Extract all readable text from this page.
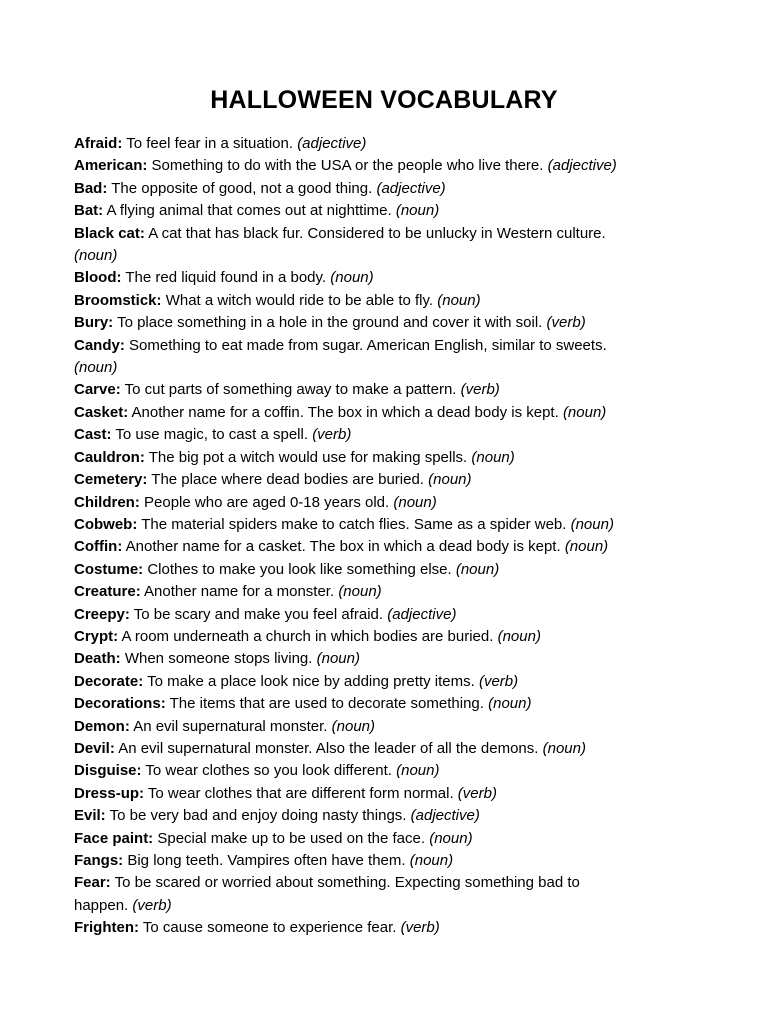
HALLOWEEN VOCABULARY
Afraid: To feel fear in a situation. (adjective)
American: Something to do with the USA or the people who live there. (adjective)
Bad: The opposite of good, not a good thing. (adjective)
Bat: A flying animal that comes out at nighttime. (noun)
Black cat: A cat that has black fur. Considered to be unlucky in Western culture. (noun)
Blood: The red liquid found in a body. (noun)
Broomstick: What a witch would ride to be able to fly. (noun)
Bury: To place something in a hole in the ground and cover it with soil. (verb)
Candy: Something to eat made from sugar. American English, similar to sweets. (noun)
Carve: To cut parts of something away to make a pattern. (verb)
Casket: Another name for a coffin. The box in which a dead body is kept. (noun)
Cast: To use magic, to cast a spell. (verb)
Cauldron: The big pot a witch would use for making spells. (noun)
Cemetery: The place where dead bodies are buried. (noun)
Children: People who are aged 0-18 years old. (noun)
Cobweb: The material spiders make to catch flies. Same as a spider web. (noun)
Coffin: Another name for a casket. The box in which a dead body is kept. (noun)
Costume: Clothes to make you look like something else. (noun)
Creature: Another name for a monster. (noun)
Creepy: To be scary and make you feel afraid. (adjective)
Crypt: A room underneath a church in which bodies are buried. (noun)
Death: When someone stops living. (noun)
Decorate: To make a place look nice by adding pretty items. (verb)
Decorations: The items that are used to decorate something. (noun)
Demon: An evil supernatural monster. (noun)
Devil: An evil supernatural monster. Also the leader of all the demons. (noun)
Disguise: To wear clothes so you look different. (noun)
Dress-up: To wear clothes that are different form normal. (verb)
Evil: To be very bad and enjoy doing nasty things. (adjective)
Face paint: Special make up to be used on the face. (noun)
Fangs: Big long teeth. Vampires often have them. (noun)
Fear: To be scared or worried about something. Expecting something bad to happen. (verb)
Frighten: To cause someone to experience fear. (verb)
